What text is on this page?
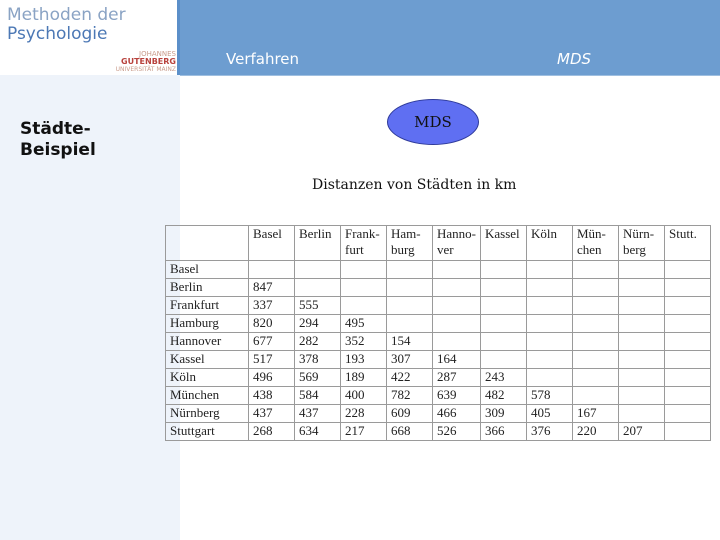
Methoden der
Psychologie
JOHANNES
GUTENBERG
UNIVERSITÄT MAINZ
Verfahren	MDS
Städte-
Beispiel
MDS
Distanzen von Städten in km
	Basel	Berlin	Frank-
furt	Ham-
burg	Hanno-
ver	Kassel	Köln	Mün-
chen	Nürn-
berg	Stutt.

Basel										
Berlin	847									
Frankfurt	337	555								
Hamburg	820	294	495							
Hannover	677	282	352	154						
Kassel	517	378	193	307	164					
Köln	496	569	189	422	287	243				
München	438	584	400	782	639	482	578			
Nürnberg	437	437	228	609	466	309	405	167		
Stuttgart	268	634	217	668	526	366	376	220	207	
